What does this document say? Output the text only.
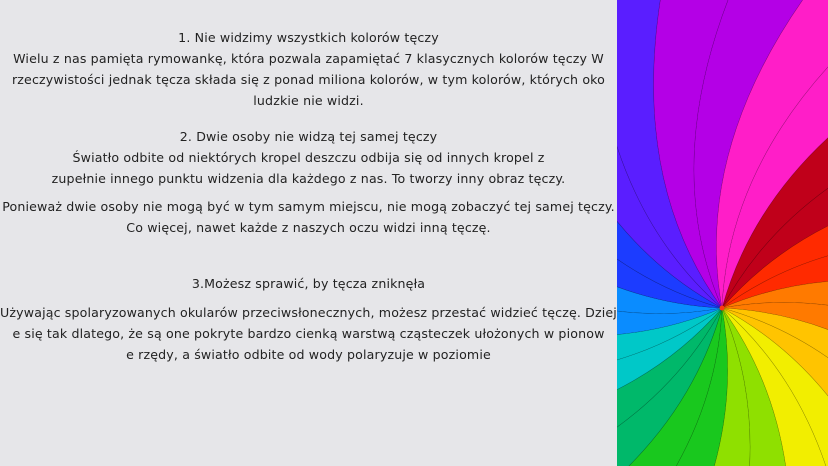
1. Nie widzimy wszystkich kolorów tęczy
Wielu z nas pamięta rymowankę, która pozwala zapamiętać 7 klasycznych kolorów tęczy W
rzeczywistości jednak tęcza składa się z ponad miliona kolorów, w tym kolorów, których oko
ludzkie nie widzi.
2. Dwie osoby nie widzą tej samej tęczy
Światło odbite od niektórych kropel deszczu odbija się od innych kropel z
zupełnie innego punktu widzenia dla każdego z nas. To tworzy inny obraz tęczy.
Ponieważ dwie osoby nie mogą być w tym samym miejscu, nie mogą zobaczyć tej samej tęczy.
Co więcej, nawet każde z naszych oczu widzi inną tęczę.
3.Możesz sprawić, by tęcza zniknęła
Używając spolaryzowanych okularów przeciwsłonecznych, możesz przestać widzieć tęczę. Dziej
e się tak dlatego, że są one pokryte bardzo cienką warstwą cząsteczek ułożonych w pionow
e rzędy, a światło odbite od wody polaryzuje w poziomie
